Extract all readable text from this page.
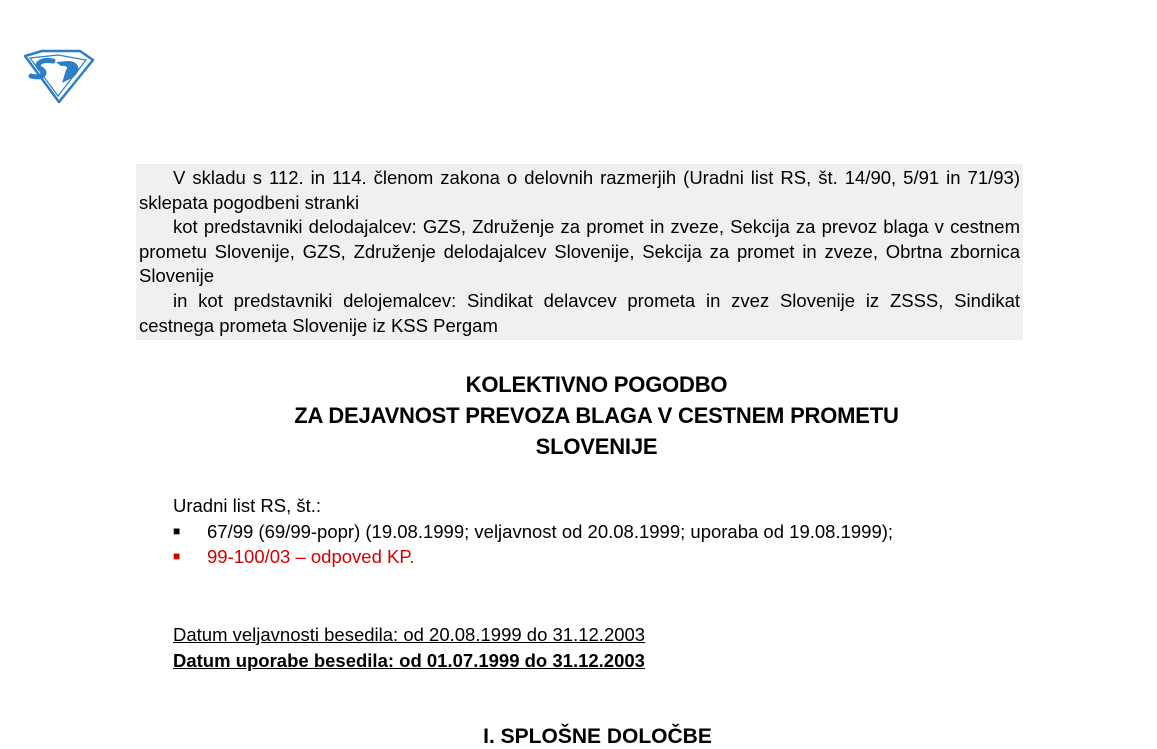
V skladu s 112. in 114. členom zakona o delovnih razmerjih (Uradni list RS, št. 14/90, 5/91 in 71/93) sklepata pogodbeni stranki

kot predstavniki delodajalcev: GZS, Združenje za promet in zveze, Sekcija za prevoz blaga v cestnem prometu Slovenije, GZS, Združenje delodajalcev Slovenije, Sekcija za promet in zveze, Obrtna zbornica Slovenije

in kot predstavniki delojemalcev: Sindikat delavcev prometa in zvez Slovenije iz ZSSS, Sindikat cestnega prometa Slovenije iz KSS Pergam

KOLEKTIVNO POGODBO
ZA DEJAVNOST PREVOZA BLAGA V CESTNEM PROMETU
SLOVENIJE
Uradni list RS, št.:
■ 67/99 (69/99-popr) (19.08.1999; veljavnost od 20.08.1999; uporaba od 19.08.1999);
■ 99-100/03 – odpoved KP.
Datum veljavnosti besedila: od 20.08.1999 do 31.12.2003
Datum uporabe besedila: od 01.07.1999 do 31.12.2003
I. SPLOŠNE DOLOČBE
